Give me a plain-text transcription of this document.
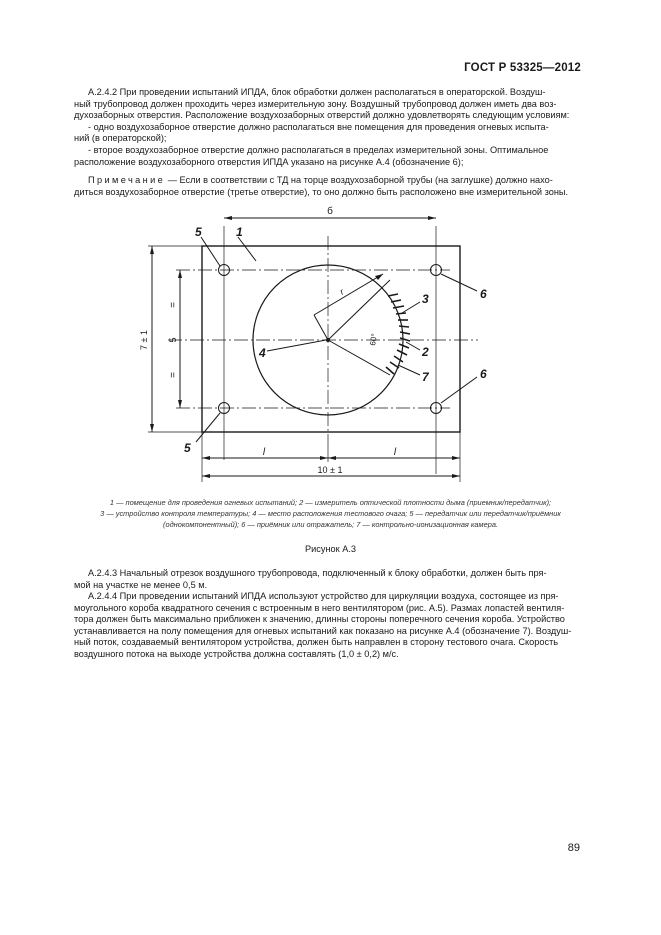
ГОСТ Р 53325—2012
А.2.4.2 При проведении испытаний ИПДА, блок обработки должен располагаться в операторской. Воздуш-
ный трубопровод должен проходить через измерительную зону. Воздушный трубопровод должен иметь два воз-
духозаборных отверстия. Расположение воздухозаборных отверстий должно удовлетворять следующим условиям:
- одно воздухозаборное отверстие должно располагаться вне помещения для проведения огневых испыта-
ний (в операторской);
- второе воздухозаборное отверстие должно располагаться в пределах измерительной зоны. Оптимальное
расположение воздухозаборного отверстия ИПДА указано на рисунке А.4 (обозначение 6);
Примечание — Если в соответствии с ТД на торце воздухозаборной трубы (на заглушке) должно нахо-
диться воздухозаборное отверстие (третье отверстие), то оно должно быть расположено вне измерительной зоны.
б
7 ± 1 5
=
=
l	l
10 ± 1
r
60°
5	1
3	6
4	2
7	6
5
1 — помещение для проведения огневых испытаний; 2 — измеритель оптической плотности дыма (приемник/передатчик);
3 — устройство контроля температуры; 4 — место расположения тестового очага; 5 — передатчик или передатчик/приёмник
(однокомпонентный); 6 — приёмник или отражатель; 7 — контрольно-ионизационная камера.
Рисунок А.3
А.2.4.3 Начальный отрезок воздушного трубопровода, подключенный к блоку обработки, должен быть пря-
мой на участке не менее 0,5 м.
А.2.4.4 При проведении испытаний ИПДА используют устройство для циркуляции воздуха, состоящее из пря-
моугольного короба квадратного сечения с встроенным в него вентилятором (рис. А.5). Размах лопастей вентиля-
тора должен быть максимально приближен к значению, длинны стороны поперечного сечения короба. Устройство
устанавливается на полу помещения для огневых испытаний как показано на рисунке А.4 (обозначение 7). Воздуш-
ный поток, создаваемый вентилятором устройства, должен быть направлен в сторону тестового очага. Скорость
воздушного потока на выходе устройства должна составлять (1,0 ± 0,2) м/с.
89
